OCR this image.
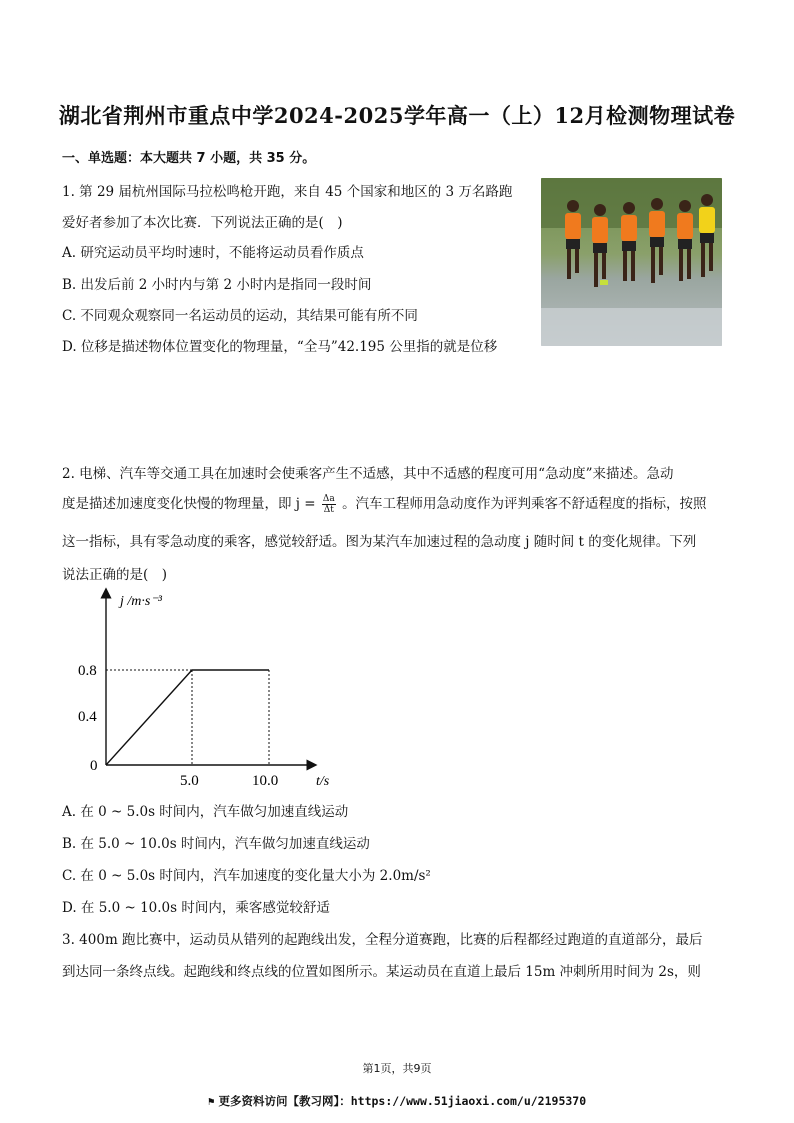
湖北省荆州市重点中学2024-2025学年高一（上）12月检测物理试卷
一、单选题：本大题共 7 小题，共 35 分。
1. 第 29 届杭州国际马拉松鸣枪开跑，来自 45 个国家和地区的 3 万名路跑
爱好者参加了本次比赛．下列说法正确的是(　)
A. 研究运动员平均时速时，不能将运动员看作质点
B. 出发后前 2 小时内与第 2 小时内是指同一段时间
C. 不同观众观察同一名运动员的运动，其结果可能有所不同
D. 位移是描述物体位置变化的物理量，“全马”42.195 公里指的就是位移
2. 电梯、汽车等交通工具在加速时会使乘客产生不适感，其中不适感的程度可用“急动度”来描述。急动
度是描述加速度变化快慢的物理量，即 $j = \frac{\Delta a}{\Delta t}$ 。汽车工程师用急动度作为评判乘客不舒适程度的指标，按照
这一指标，具有零急动度的乘客，感觉较舒适。图为某汽车加速过程的急动度 j 随时间 t 的变化规律。下列
说法正确的是(　)
j /m·s⁻³
t/s
0.8
0.4
0
5.0	10.0
A. 在 0 ~ 5.0s 时间内，汽车做匀加速直线运动
B. 在 5.0 ~ 10.0s 时间内，汽车做匀加速直线运动
C. 在 0 ~ 5.0s 时间内，汽车加速度的变化量大小为 2.0m/s²
D. 在 5.0 ~ 10.0s 时间内，乘客感觉较舒适
3. 400m 跑比赛中，运动员从错列的起跑线出发，全程分道赛跑，比赛的后程都经过跑道的直道部分，最后
到达同一条终点线。起跑线和终点线的位置如图所示。某运动员在直道上最后 15m 冲刺所用时间为 2s，则
第1页，共9页
⚑ 更多资料访问【教习网】：https://www.51jiaoxi.com/u/2195370
